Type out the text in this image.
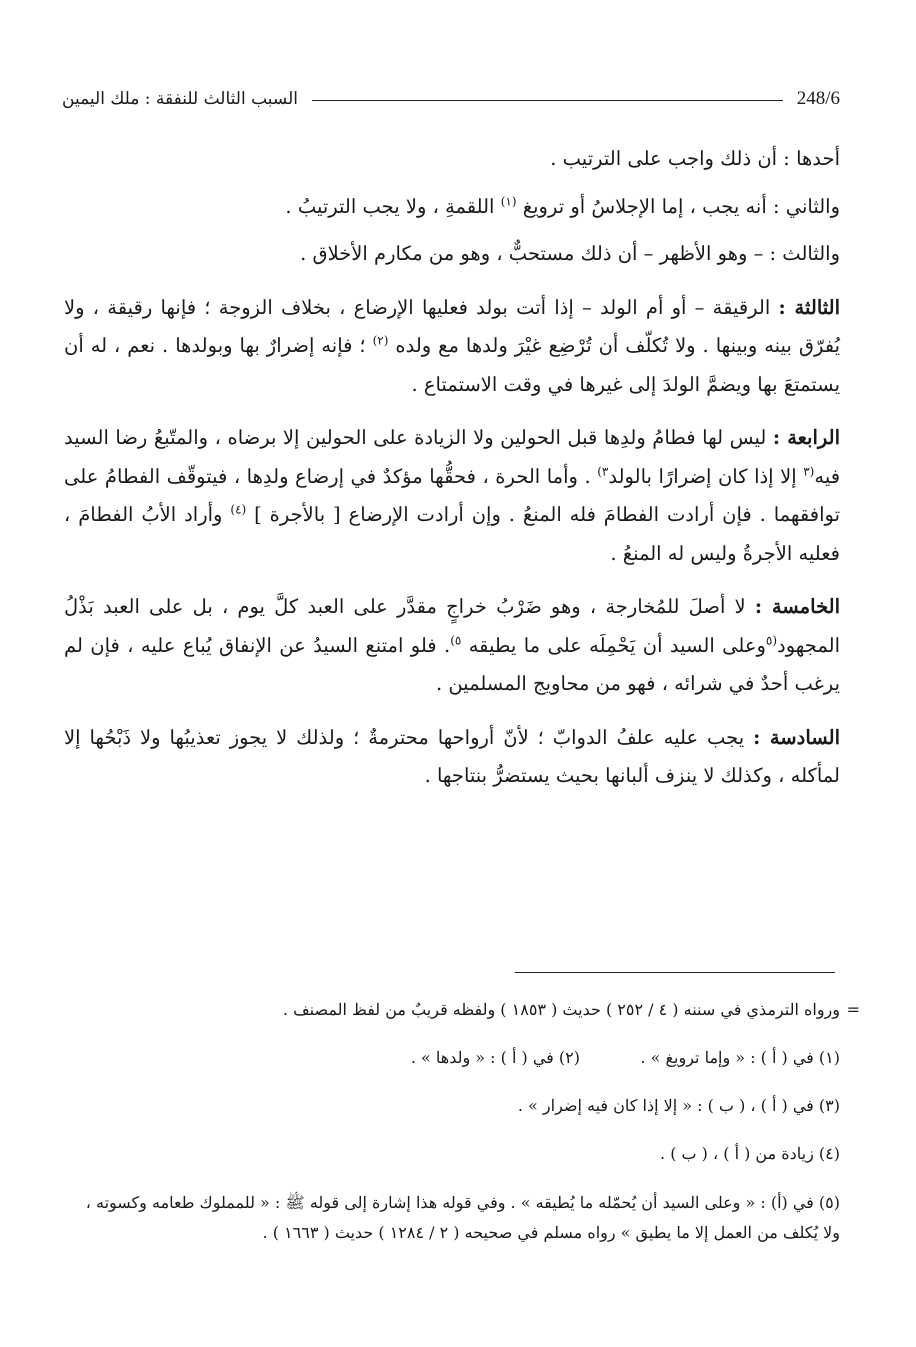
248/6
السبب الثالث للنفقة : ملك اليمين

أحدها : أن ذلك واجب على الترتيب .

والثاني : أنه يجب ، إما الإجلاسُ أو ترويغ $^{(١)}$ اللقمةِ ، ولا يجب الترتيبُ .

والثالث : – وهو الأظهر – أن ذلك مستحبٌّ ، وهو من مكارم الأخلاق .

الثالثة : الرقيقة – أو أم الولد – إذا أتت بولد فعليها الإرضاع ، بخلاف الزوجة ؛ فإنها رقيقة ، ولا يُفرّق بينه وبينها . ولا تُكلّف أن تُرْضِع غيْرَ ولدها مع ولده $^{(٢)}$ ؛ فإنه إضرارٌ بها وبولدها . نعم ، له أن يستمتعَ بها ويضمَّ الولدَ إلى غيرها في وقت الاستمتاع .

الرابعة : ليس لها فطامُ ولدِها قبل الحولين ولا الزيادة على الحولين إلا برضاه ، والمتّبعُ رضا السيد فيه$^{(٣}$ إلا إذا كان إضرارًا بالولد$^{٣)}$ . وأما الحرة ، فحقُّها مؤكدٌ في إرضاع ولدِها ، فيتوقّف الفطامُ على توافقهما . فإن أرادت الفطامَ فله المنعُ . وإن أرادت الإرضاع [ بالأجرة ] $^{(٤)}$ وأراد الأبُ الفطامَ ، فعليه الأجرةُ وليس له المنعُ .

الخامسة : لا أصلَ للمُخارجة ، وهو ضَرْبُ خراجٍ مقدَّر على العبد كلَّ يوم ، بل على العبد بَذْلُ المجهود$^{(٥}$وعلى السيد أن يَحْمِلَه على ما يطيقه $^{٥)}$. فلو امتنع السيدُ عن الإنفاق يُباع عليه ، فإن لم يرغب أحدٌ في شرائه ، فهو من محاويج المسلمين .

السادسة : يجب عليه علفُ الدوابّ ؛ لأنّ أرواحها محترمةٌ ؛ ولذلك لا يجوز تعذيبُها ولا ذَبْحُها إلا لمأكله ، وكذلك لا ينزف ألبانها بحيث يستضرُّ بنتاجها .

=
ورواه الترمذي في سننه ( ٤ / ٢٥٢ ) حديث ( ١٨٥٣ ) ولفظه قريبٌ من لفظ المصنف .

(١) في ( أ ) : « وإما ترويغ » .
(٢) في ( أ ) : « ولدها » .

(٣) في ( أ ) ، ( ب ) : « إلا إذا كان فيه إضرار » .

(٤) زيادة من ( أ ) ، ( ب ) .

(٥) في (أ) : « وعلى السيد أن يُحمّله ما يُطيقه » . وفي قوله هذا إشارة إلى قوله ﷺ : « للمملوك طعامه وكسوته ، ولا يُكلف من العمل إلا ما يطيق » رواه مسلم في صحيحه ( ٢ / ١٢٨٤ ) حديث ( ١٦٦٣ ) .
